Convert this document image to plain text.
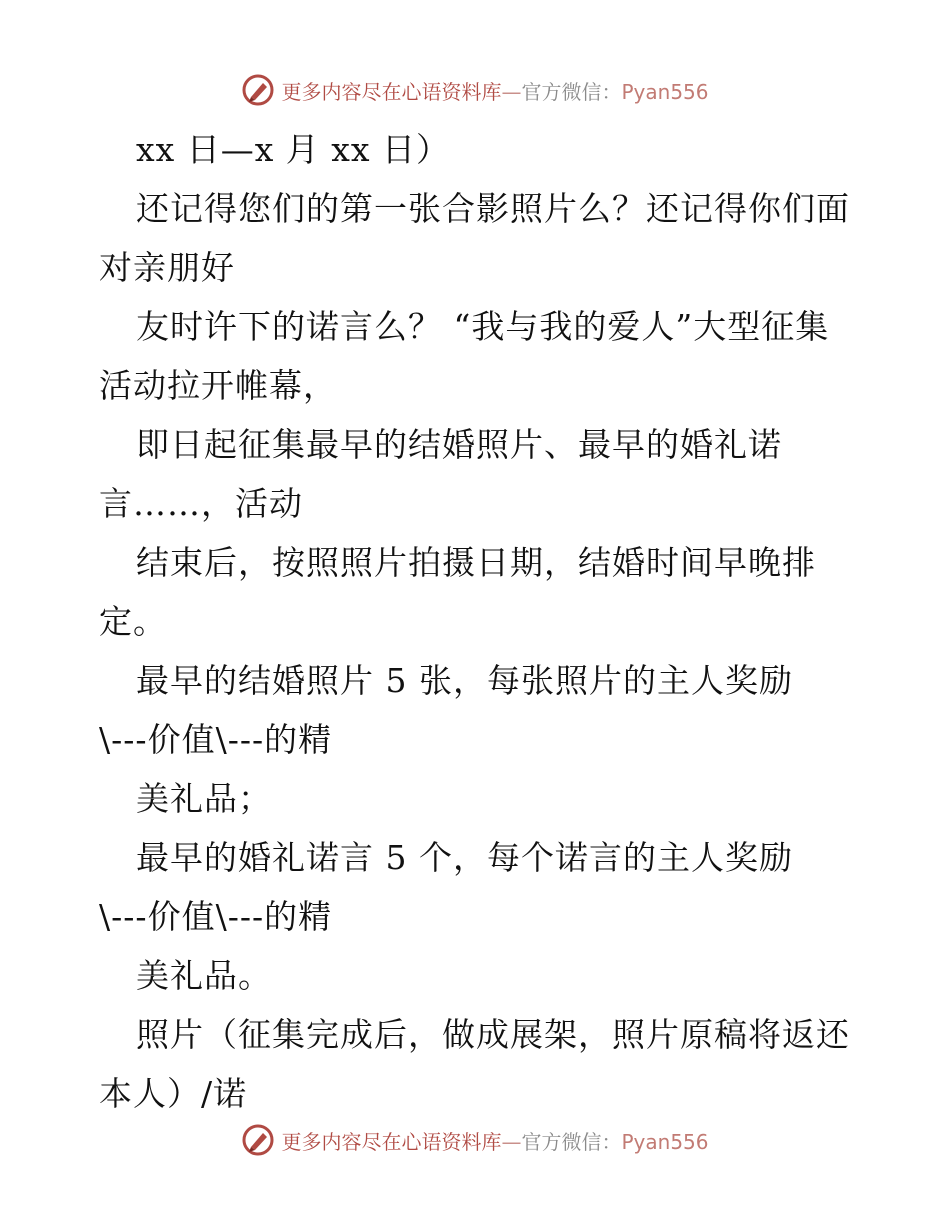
更多内容尽在心语资料库—官方微信：Pyan556
xx 日—x 月 xx 日）
还记得您们的第一张合影照片么？还记得你们面
对亲朋好
友时许下的诺言么？ “我与我的爱人”大型征集
活动拉开帷幕，
即日起征集最早的结婚照片、最早的婚礼诺
言……，活动
结束后，按照照片拍摄日期，结婚时间早晚排
定。
最早的结婚照片 5 张，每张照片的主人奖励
\---价值\---的精
美礼品；
最早的婚礼诺言 5 个，每个诺言的主人奖励
\---价值\---的精
美礼品。
照片（征集完成后，做成展架，照片原稿将返还
本人）/诺
更多内容尽在心语资料库—官方微信：Pyan556
